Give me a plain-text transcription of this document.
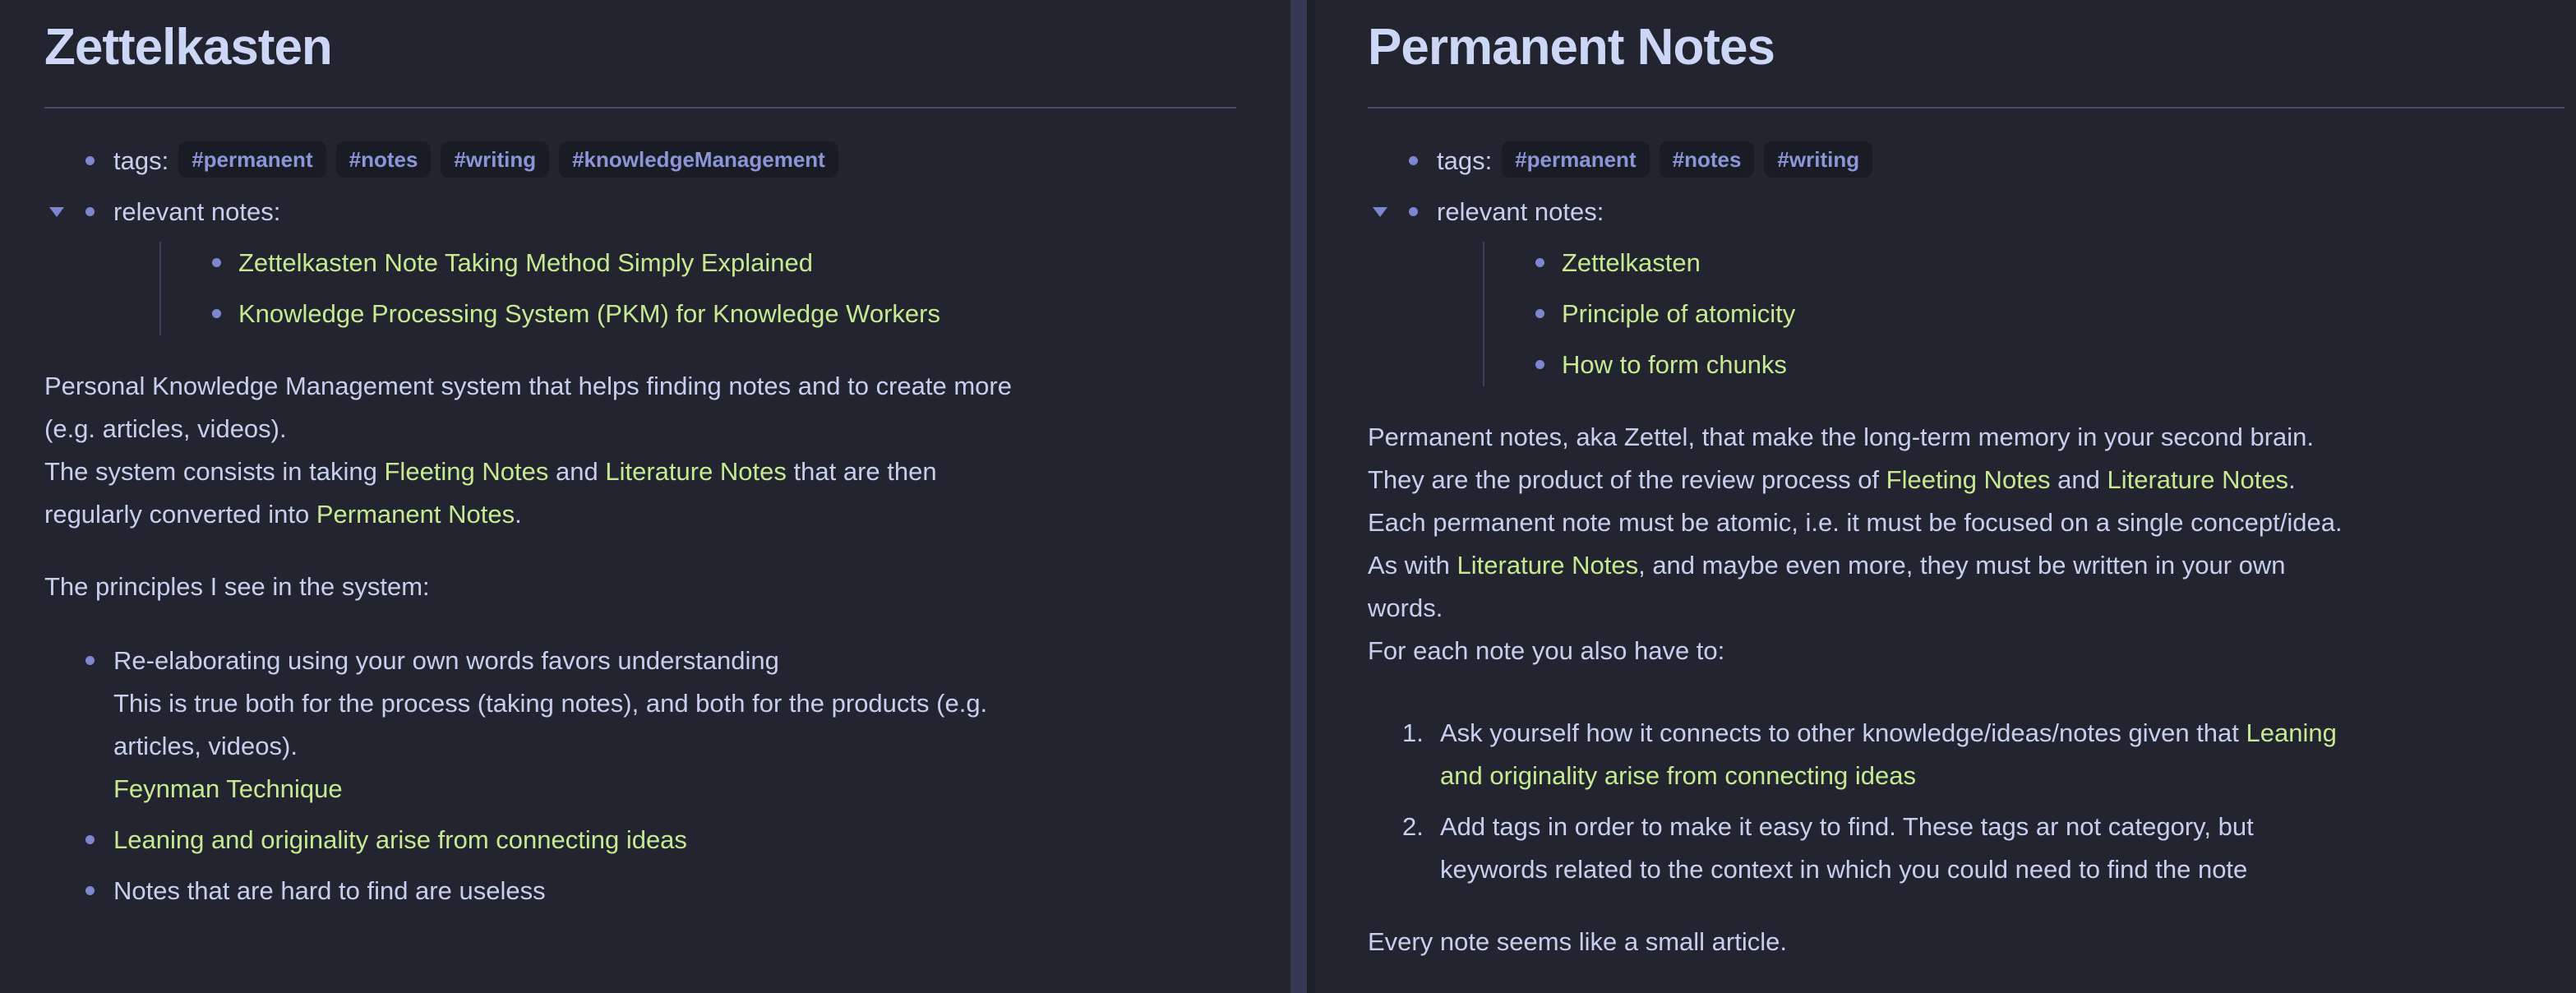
Zettelkasten
tags: #permanent #notes #writing #knowledgeManagement
relevant notes:
Zettelkasten Note Taking Method Simply Explained
Knowledge Processing System (PKM) for Knowledge Workers

Personal Knowledge Management system that helps finding notes and to create more
(e.g. articles, videos).
The system consists in taking Fleeting Notes and Literature Notes that are then
regularly converted into Permanent Notes.

The principles I see in the system:

Re-elaborating using your own words favors understanding
This is true both for the process (taking notes), and both for the products (e.g.
articles, videos).
Feynman Technique
Leaning and originality arise from connecting ideas
Notes that are hard to find are useless
Permanent Notes
tags: #permanent #notes #writing
relevant notes:
Zettelkasten
Principle of atomicity
How to form chunks

Permanent notes, aka Zettel, that make the long-term memory in your second brain.
They are the product of the review process of Fleeting Notes and Literature Notes.
Each permanent note must be atomic, i.e. it must be focused on a single concept/idea.
As with Literature Notes, and maybe even more, they must be written in your own
words.
For each note you also have to:

Ask yourself how it connects to other knowledge/ideas/notes given that Leaning
and originality arise from connecting ideas
Add tags in order to make it easy to find. These tags ar not category, but
keywords related to the context in which you could need to find the note

Every note seems like a small article.
